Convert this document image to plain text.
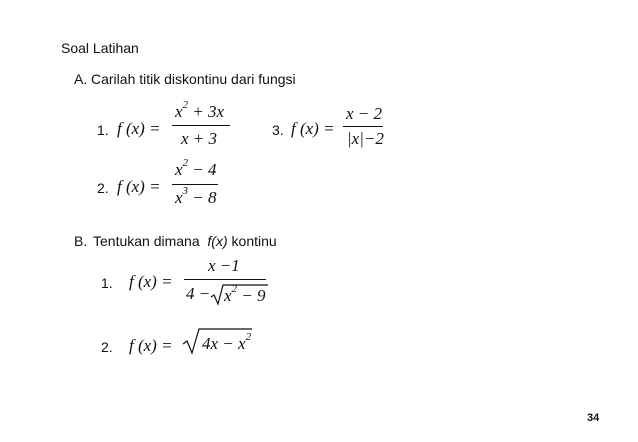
Soal Latihan
A. Carilah titik diskontinu dari fungsi
1. f (x) =
$x^2 + 3x$
x + 3	3. f (x) =
x − 2
|x|−2
2. f (x) =
$x^2 - 4$
$x^3 - 8$
B. Tentukan dimana f(x) kontinu
1. f (x) =
x −1
$4 - x^2 - 9$
2. f $(x) = 4x - x^2$
34
